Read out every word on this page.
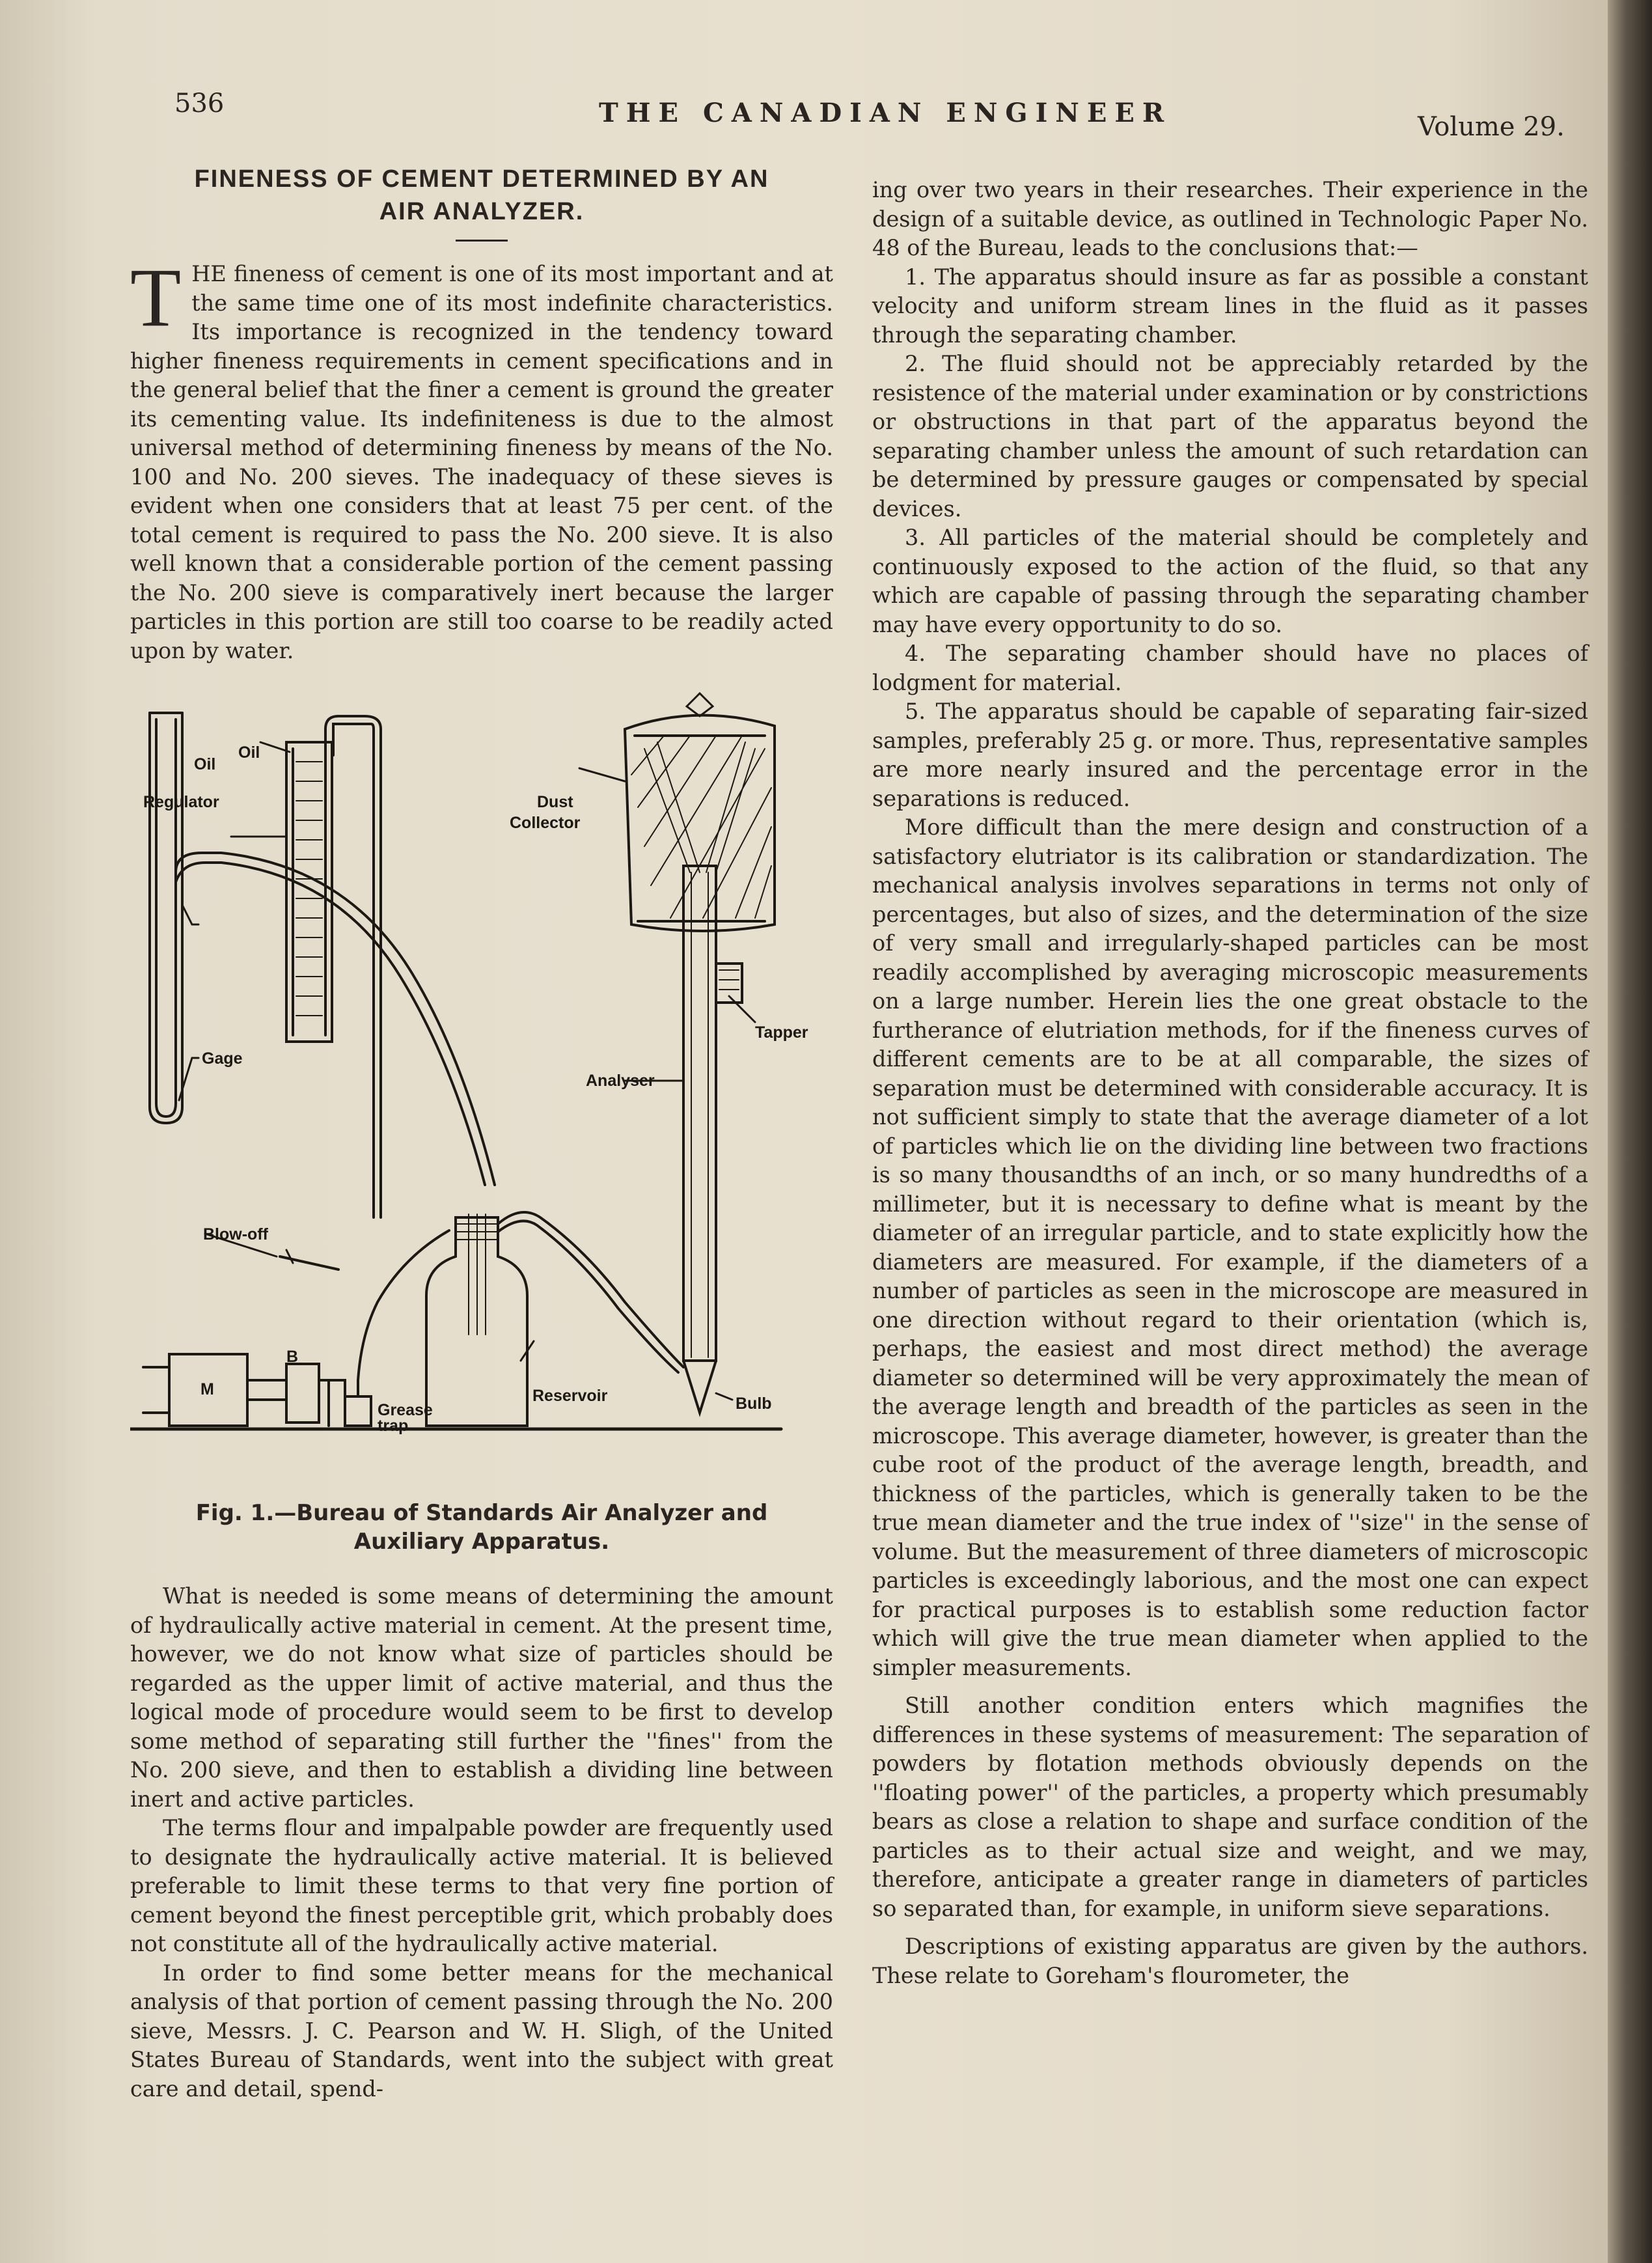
536	THE CANADIAN ENGINEER	Volume 29.
FINENESS OF CEMENT DETERMINED BY AN
AIR ANALYZER.

THE fineness of cement is one of its most important and at the same time one of its most indefinite characteristics. Its importance is recognized in the tendency toward higher fineness requirements in cement specifications and in the general belief that the finer a cement is ground the greater its cementing value. Its indefiniteness is due to the almost universal method of determining fineness by means of the No. 100 and No. 200 sieves. The inadequacy of these sieves is evident when one considers that at least 75 per cent. of the total cement is required to pass the No. 200 sieve. It is also well known that a considerable portion of the cement passing the No. 200 sieve is comparatively inert because the larger particles in this portion are still too coarse to be readily acted upon by water.

Oil
Oil
Regulator	Dust
Collector
Tapper
Gage
Analyser
Blow-off
B
M
Grease
trap
Reservoir	Bulb
Fig. 1.—Bureau of Standards Air Analyzer and
Auxiliary Apparatus.

What is needed is some means of determining the amount of hydraulically active material in cement. At the present time, however, we do not know what size of particles should be regarded as the upper limit of active material, and thus the logical mode of procedure would seem to be first to develop some method of separating still further the ''fines'' from the No. 200 sieve, and then to establish a dividing line between inert and active particles.

The terms flour and impalpable powder are frequently used to designate the hydraulically active material. It is believed preferable to limit these terms to that very fine portion of cement beyond the finest perceptible grit, which probably does not constitute all of the hydraulically active material.

In order to find some better means for the mechanical analysis of that portion of cement passing through the No. 200 sieve, Messrs. J. C. Pearson and W. H. Sligh, of the United States Bureau of Standards, went into the subject with great care and detail, spend-

ing over two years in their researches. Their experience in the design of a suitable device, as outlined in Technologic Paper No. 48 of the Bureau, leads to the conclusions that:—

1. The apparatus should insure as far as possible a constant velocity and uniform stream lines in the fluid as it passes through the separating chamber.

2. The fluid should not be appreciably retarded by the resistence of the material under examination or by constrictions or obstructions in that part of the apparatus beyond the separating chamber unless the amount of such retardation can be determined by pressure gauges or compensated by special devices.

3. All particles of the material should be completely and continuously exposed to the action of the fluid, so that any which are capable of passing through the separating chamber may have every opportunity to do so.

4. The separating chamber should have no places of lodgment for material.

5. The apparatus should be capable of separating fair-sized samples, preferably 25 g. or more. Thus, representative samples are more nearly insured and the percentage error in the separations is reduced.

More difficult than the mere design and construction of a satisfactory elutriator is its calibration or standardization. The mechanical analysis involves separations in terms not only of percentages, but also of sizes, and the determination of the size of very small and irregularly-shaped particles can be most readily accomplished by averaging microscopic measurements on a large number. Herein lies the one great obstacle to the furtherance of elutriation methods, for if the fineness curves of different cements are to be at all comparable, the sizes of separation must be determined with considerable accuracy. It is not sufficient simply to state that the average diameter of a lot of particles which lie on the dividing line between two fractions is so many thousandths of an inch, or so many hundredths of a millimeter, but it is necessary to define what is meant by the diameter of an irregular particle, and to state explicitly how the diameters are measured. For example, if the diameters of a number of particles as seen in the microscope are measured in one direction without regard to their orientation (which is, perhaps, the easiest and most direct method) the average diameter so determined will be very approximately the mean of the average length and breadth of the particles as seen in the microscope. This average diameter, however, is greater than the cube root of the product of the average length, breadth, and thickness of the particles, which is generally taken to be the true mean diameter and the true index of ''size'' in the sense of volume. But the measurement of three diameters of microscopic particles is exceedingly laborious, and the most one can expect for practical purposes is to establish some reduction factor which will give the true mean diameter when applied to the simpler measurements.

Still another condition enters which magnifies the differences in these systems of measurement: The separation of powders by flotation methods obviously depends on the ''floating power'' of the particles, a property which presumably bears as close a relation to shape and surface condition of the particles as to their actual size and weight, and we may, therefore, anticipate a greater range in diameters of particles so separated than, for example, in uniform sieve separations.

Descriptions of existing apparatus are given by the authors. These relate to Goreham's flourometer, the
